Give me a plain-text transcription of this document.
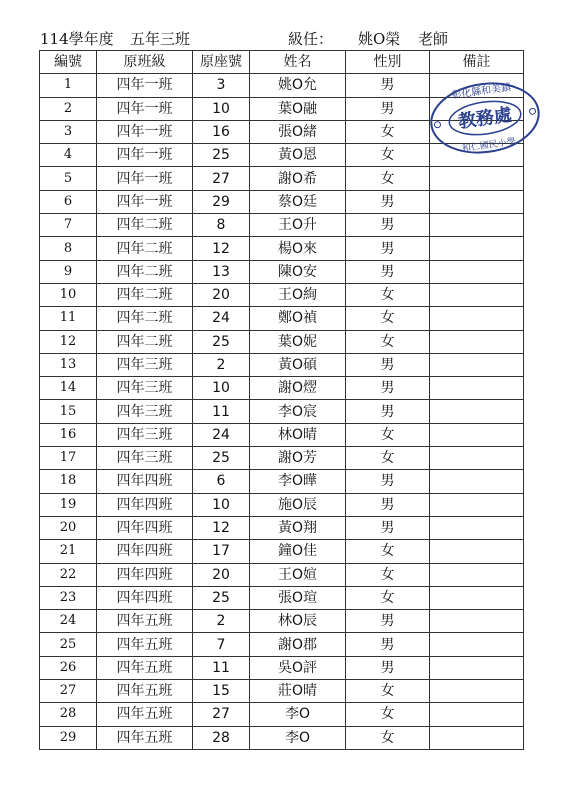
114學年度 五年三班	級任： 姚O榮 老師
編號	原班級	原座號	姓名	性別	備註
1	四年一班	3	姚O允	男	
2	四年一班	10	葉O融	男	
3	四年一班	16	張O緒	女	
4	四年一班	25	黃O恩	女	
5	四年一班	27	謝O希	女	
6	四年一班	29	蔡O廷	男	
7	四年二班	8	王O升	男	
8	四年二班	12	楊O來	男	
9	四年二班	13	陳O安	男	
10	四年二班	20	王O絢	女	
11	四年二班	24	鄭O禎	女	
12	四年二班	25	葉O妮	女	
13	四年三班	2	黃O碩	男	
14	四年三班	10	謝O熤	男	
15	四年三班	11	李O宸	男	
16	四年三班	24	林O晴	女	
17	四年三班	25	謝O芳	女	
18	四年四班	6	李O曄	男	
19	四年四班	10	施O辰	男	
20	四年四班	12	黃O翔	男	
21	四年四班	17	鐘O佳	女	
22	四年四班	20	王O媗	女	
23	四年四班	25	張O瑄	女	
24	四年五班	2	林O辰	男	
25	四年五班	7	謝O郡	男	
26	四年五班	11	吳O評	男	
27	四年五班	15	莊O晴	女	
28	四年五班	27	李O	女	
29	四年五班	28	李O	女	
彰化縣和美鎮
教務處
和仁國民小學
